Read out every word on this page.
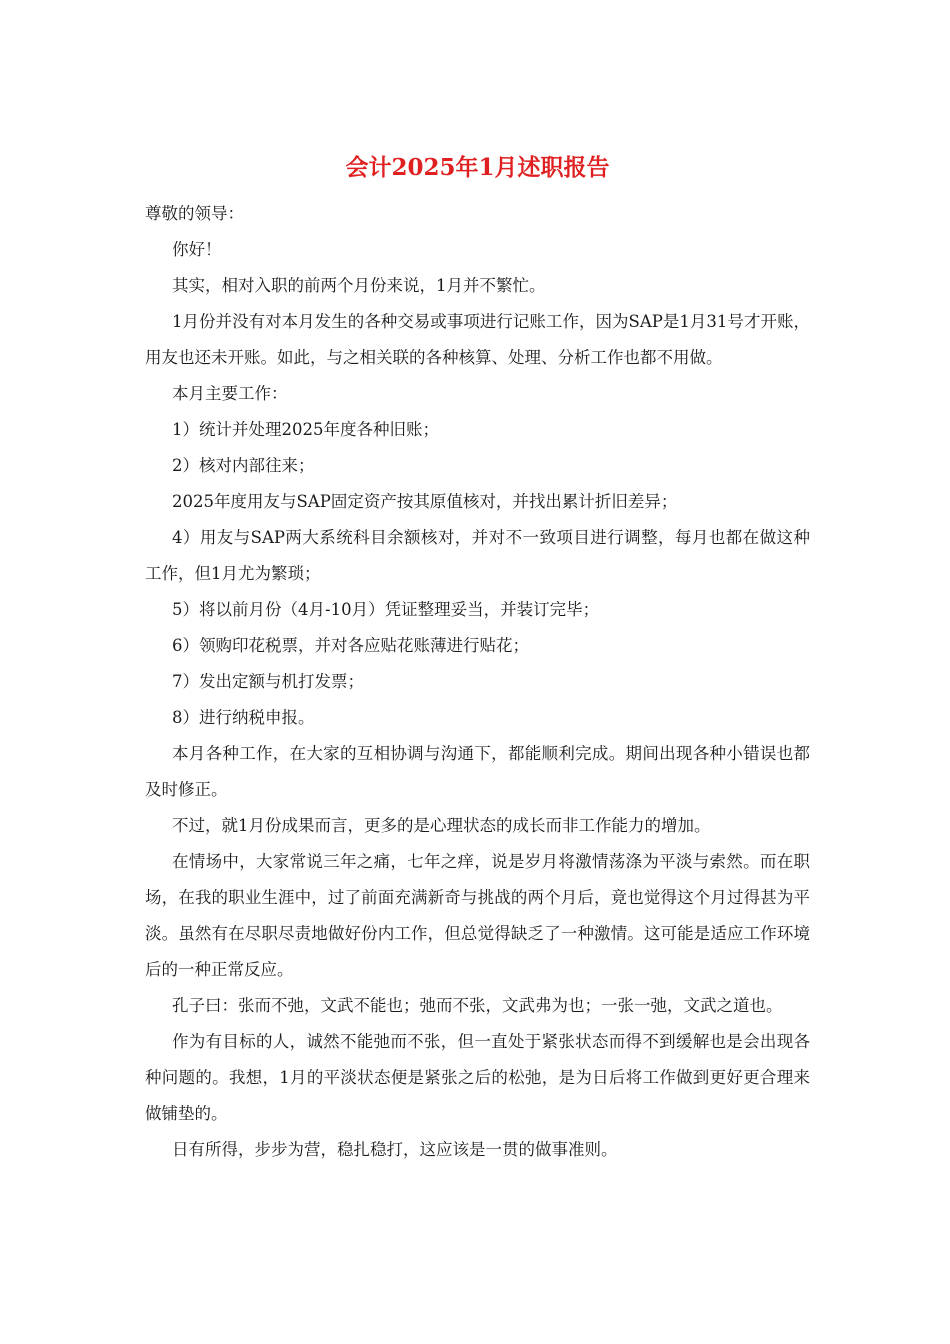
会计2025年1月述职报告

尊敬的领导：

你好！

其实，相对入职的前两个月份来说，1月并不繁忙。

1月份并没有对本月发生的各种交易或事项进行记账工作，因为SAP是1月31号才开账，用友也还未开账。如此，与之相关联的各种核算、处理、分析工作也都不用做。

本月主要工作：

1）统计并处理2025年度各种旧账；

2）核对内部往来；

2025年度用友与SAP固定资产按其原值核对，并找出累计折旧差异；

4）用友与SAP两大系统科目余额核对，并对不一致项目进行调整，每月也都在做这种工作，但1月尤为繁琐；

5）将以前月份（4月-10月）凭证整理妥当，并装订完毕；

6）领购印花税票，并对各应贴花账薄进行贴花；

7）发出定额与机打发票；

8）进行纳税申报。

本月各种工作，在大家的互相协调与沟通下，都能顺利完成。期间出现各种小错误也都及时修正。

不过，就1月份成果而言，更多的是心理状态的成长而非工作能力的增加。

在情场中，大家常说三年之痛，七年之痒，说是岁月将激情荡涤为平淡与索然。而在职场，在我的职业生涯中，过了前面充满新奇与挑战的两个月后，竟也觉得这个月过得甚为平淡。虽然有在尽职尽责地做好份内工作，但总觉得缺乏了一种激情。这可能是适应工作环境后的一种正常反应。

孔子曰：张而不弛，文武不能也；弛而不张，文武弗为也；一张一弛，文武之道也。

作为有目标的人，诚然不能弛而不张，但一直处于紧张状态而得不到缓解也是会出现各种问题的。我想，1月的平淡状态便是紧张之后的松弛，是为日后将工作做到更好更合理来做铺垫的。

日有所得，步步为营，稳扎稳打，这应该是一贯的做事准则。
